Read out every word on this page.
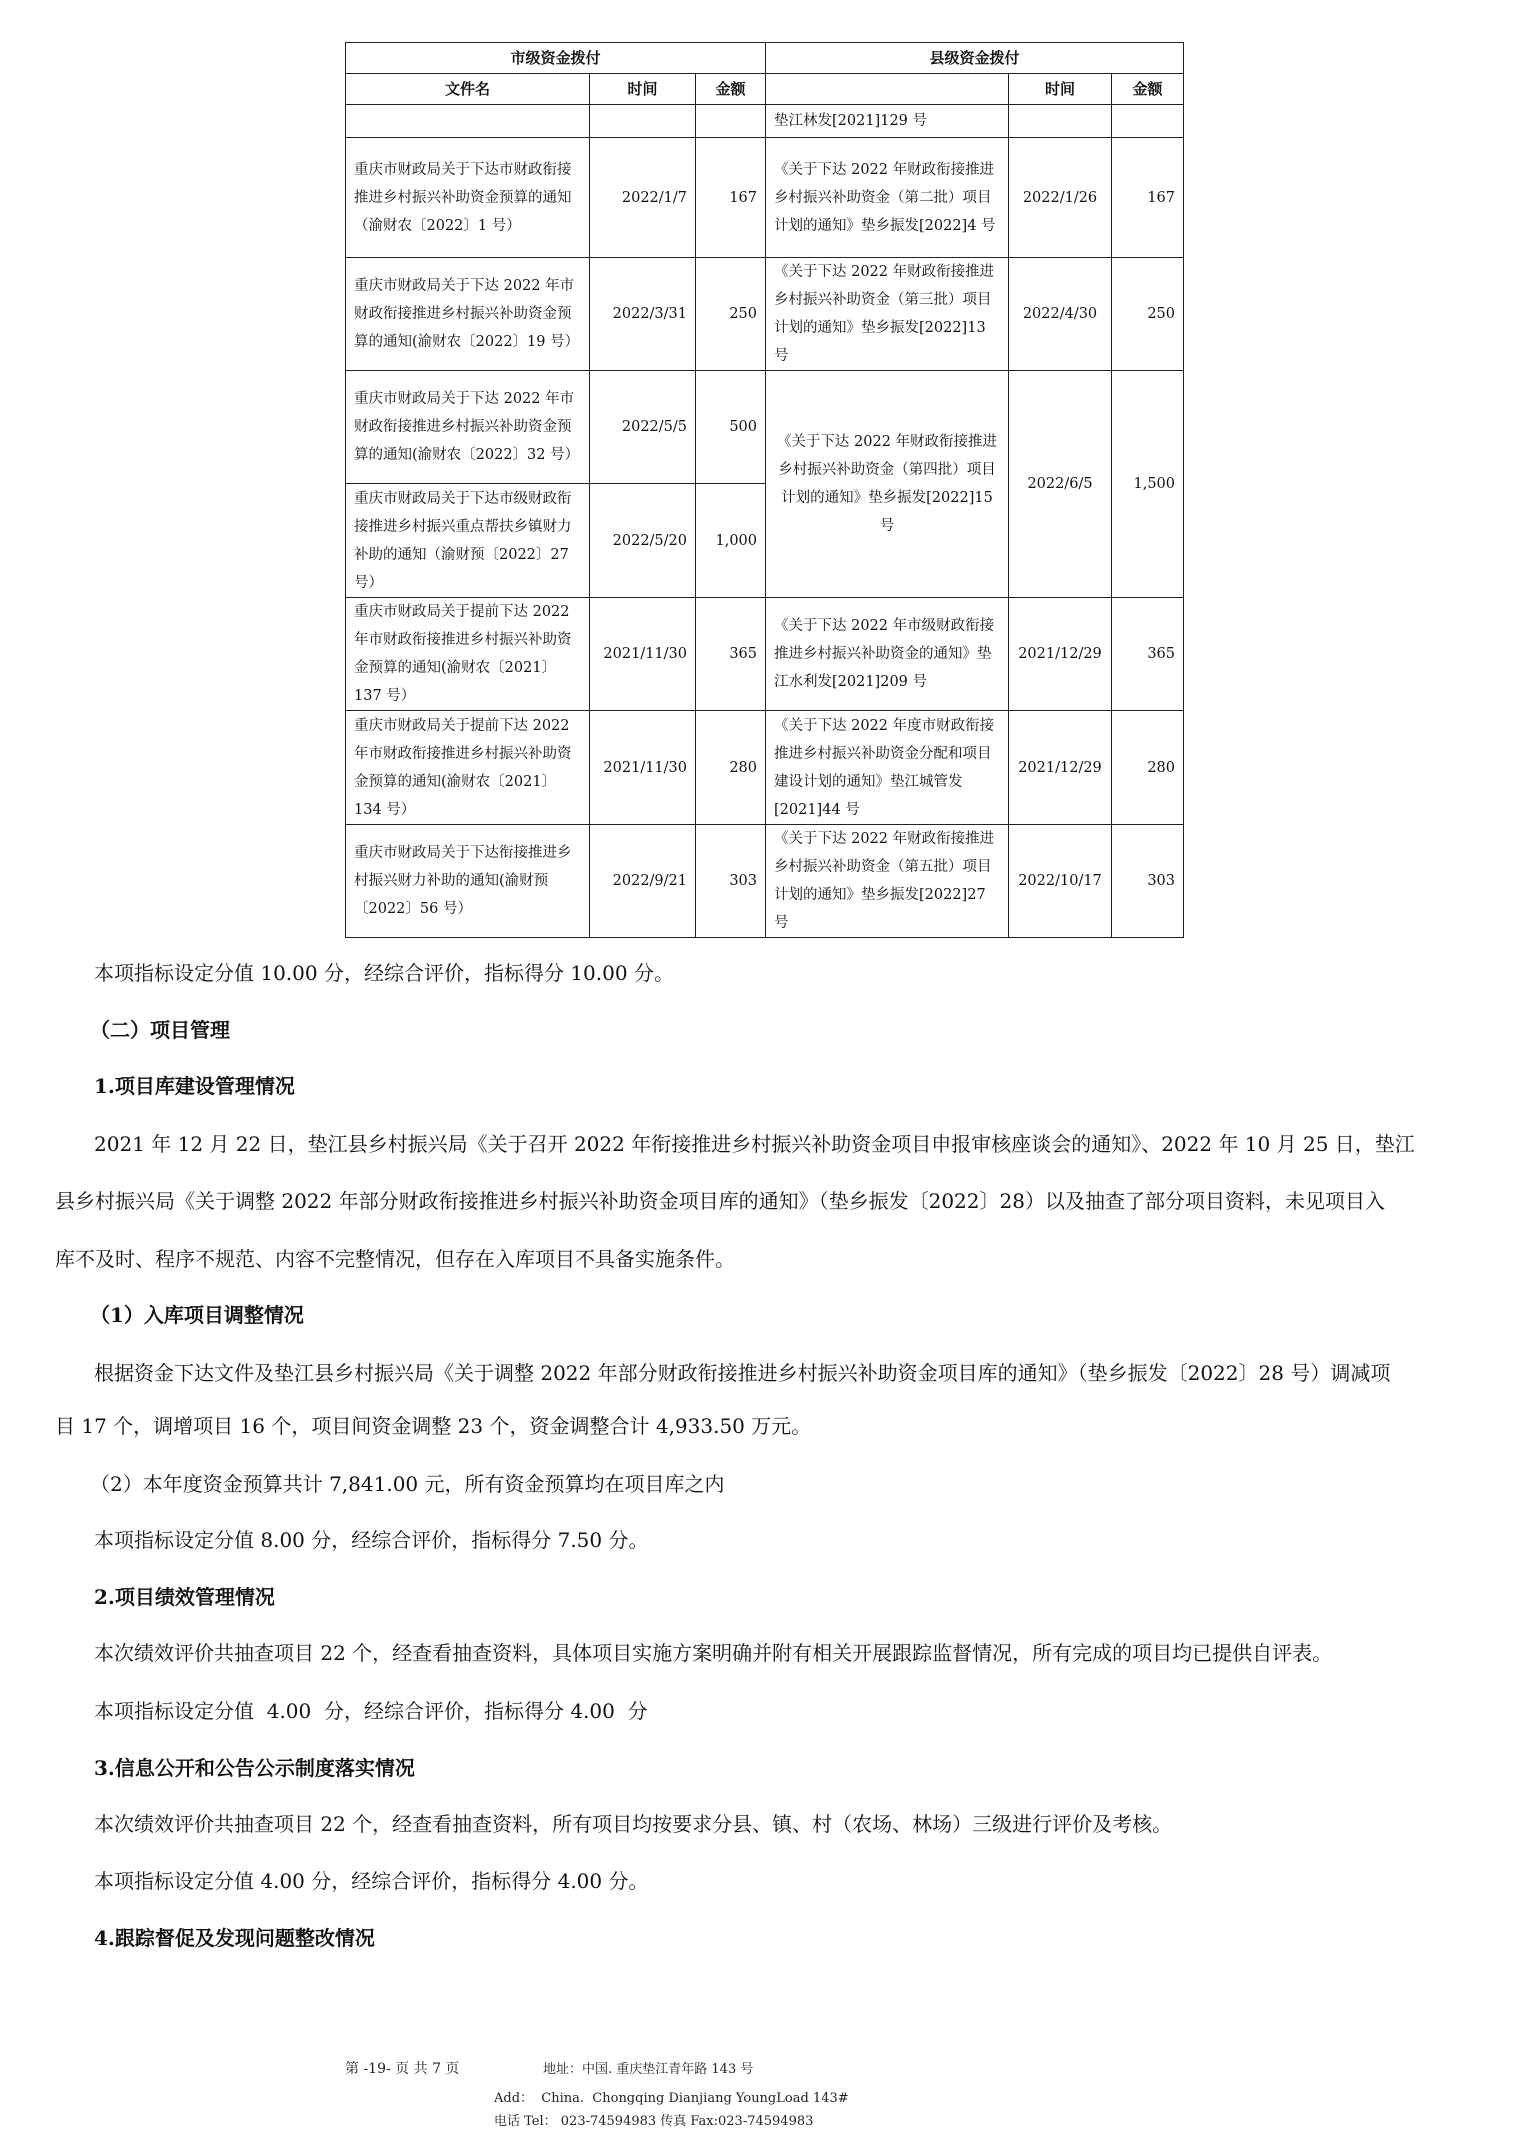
市级资金拨付			县级资金拨付		
文件名	时间	金额		时间	金额
			垫江林发[2021]129 号		
重庆市财政局关于下达市财政衔接推进乡村振兴补助资金预算的通知（渝财农〔2022〕1 号）	2022/1/7	167	《关于下达 2022 年财政衔接推进乡村振兴补助资金（第二批）项目计划的通知》垫乡振发[2022]4 号	2022/1/26	167
重庆市财政局关于下达 2022 年市财政衔接推进乡村振兴补助资金预算的通知(渝财农〔2022〕19 号）	2022/3/31	250	《关于下达 2022 年财政衔接推进乡村振兴补助资金（第三批）项目计划的通知》垫乡振发[2022]13 号	2022/4/30	250
重庆市财政局关于下达 2022 年市财政衔接推进乡村振兴补助资金预算的通知(渝财农〔2022〕32 号）	2022/5/5	500	《关于下达 2022 年财政衔接推进乡村振兴补助资金（第四批）项目计划的通知》垫乡振发[2022]15 号	2022/6/5	1,500
重庆市财政局关于下达市级财政衔接推进乡村振兴重点帮扶乡镇财力补助的通知（渝财预〔2022〕27 号）	2022/5/20	1,000			
重庆市财政局关于提前下达 2022 年市财政衔接推进乡村振兴补助资金预算的通知(渝财农〔2021〕137 号）	2021/11/30	365	《关于下达 2022 年市级财政衔接推进乡村振兴补助资金的通知》垫江水利发[2021]209 号	2021/12/29	365
重庆市财政局关于提前下达 2022 年市财政衔接推进乡村振兴补助资金预算的通知(渝财农〔2021〕134 号）	2021/11/30	280	《关于下达 2022 年度市财政衔接推进乡村振兴补助资金分配和项目建设计划的通知》垫江城管发[2021]44 号	2021/12/29	280
重庆市财政局关于下达衔接推进乡村振兴财力补助的通知(渝财预〔2022〕56 号）	2022/9/21	303	《关于下达 2022 年财政衔接推进乡村振兴补助资金（第五批）项目计划的通知》垫乡振发[2022]27 号	2022/10/17	303
本项指标设定分值 10.00 分，经综合评价，指标得分 10.00 分。
（二）项目管理
1.项目库建设管理情况
2021 年 12 月 22 日，垫江县乡村振兴局《关于召开 2022 年衔接推进乡村振兴补助资金项目申报审核座谈会的通知》、2022 年 10 月 25 日，垫江
县乡村振兴局《关于调整 2022 年部分财政衔接推进乡村振兴补助资金项目库的通知》（垫乡振发〔2022〕28）以及抽查了部分项目资料，未见项目入
库不及时、程序不规范、内容不完整情况，但存在入库项目不具备实施条件。
（1）入库项目调整情况
根据资金下达文件及垫江县乡村振兴局《关于调整 2022 年部分财政衔接推进乡村振兴补助资金项目库的通知》（垫乡振发〔2022〕28 号）调减项
目 17 个，调增项目 16 个，项目间资金调整 23 个，资金调整合计 4,933.50 万元。
（2）本年度资金预算共计 7,841.00 元，所有资金预算均在项目库之内
本项指标设定分值 8.00 分，经综合评价，指标得分 7.50 分。
2.项目绩效管理情况
本次绩效评价共抽查项目 22 个，经查看抽查资料，具体项目实施方案明确并附有相关开展跟踪监督情况，所有完成的项目均已提供自评表。
本项指标设定分值  4.00  分，经综合评价，指标得分 4.00  分
3.信息公开和公告公示制度落实情况
本次绩效评价共抽查项目 22 个，经查看抽查资料，所有项目均按要求分县、镇、村（农场、林场）三级进行评价及考核。
本项指标设定分值 4.00 分，经综合评价，指标得分 4.00 分。
4.跟踪督促及发现问题整改情况
第 -19- 页 共 7 页	地址：中国. 重庆垫江青年路 143 号
Add：  China.  Chongqing Dianjiang YoungLoad 143#
电话 Tel： 023-74594983 传真 Fax:023-74594983
